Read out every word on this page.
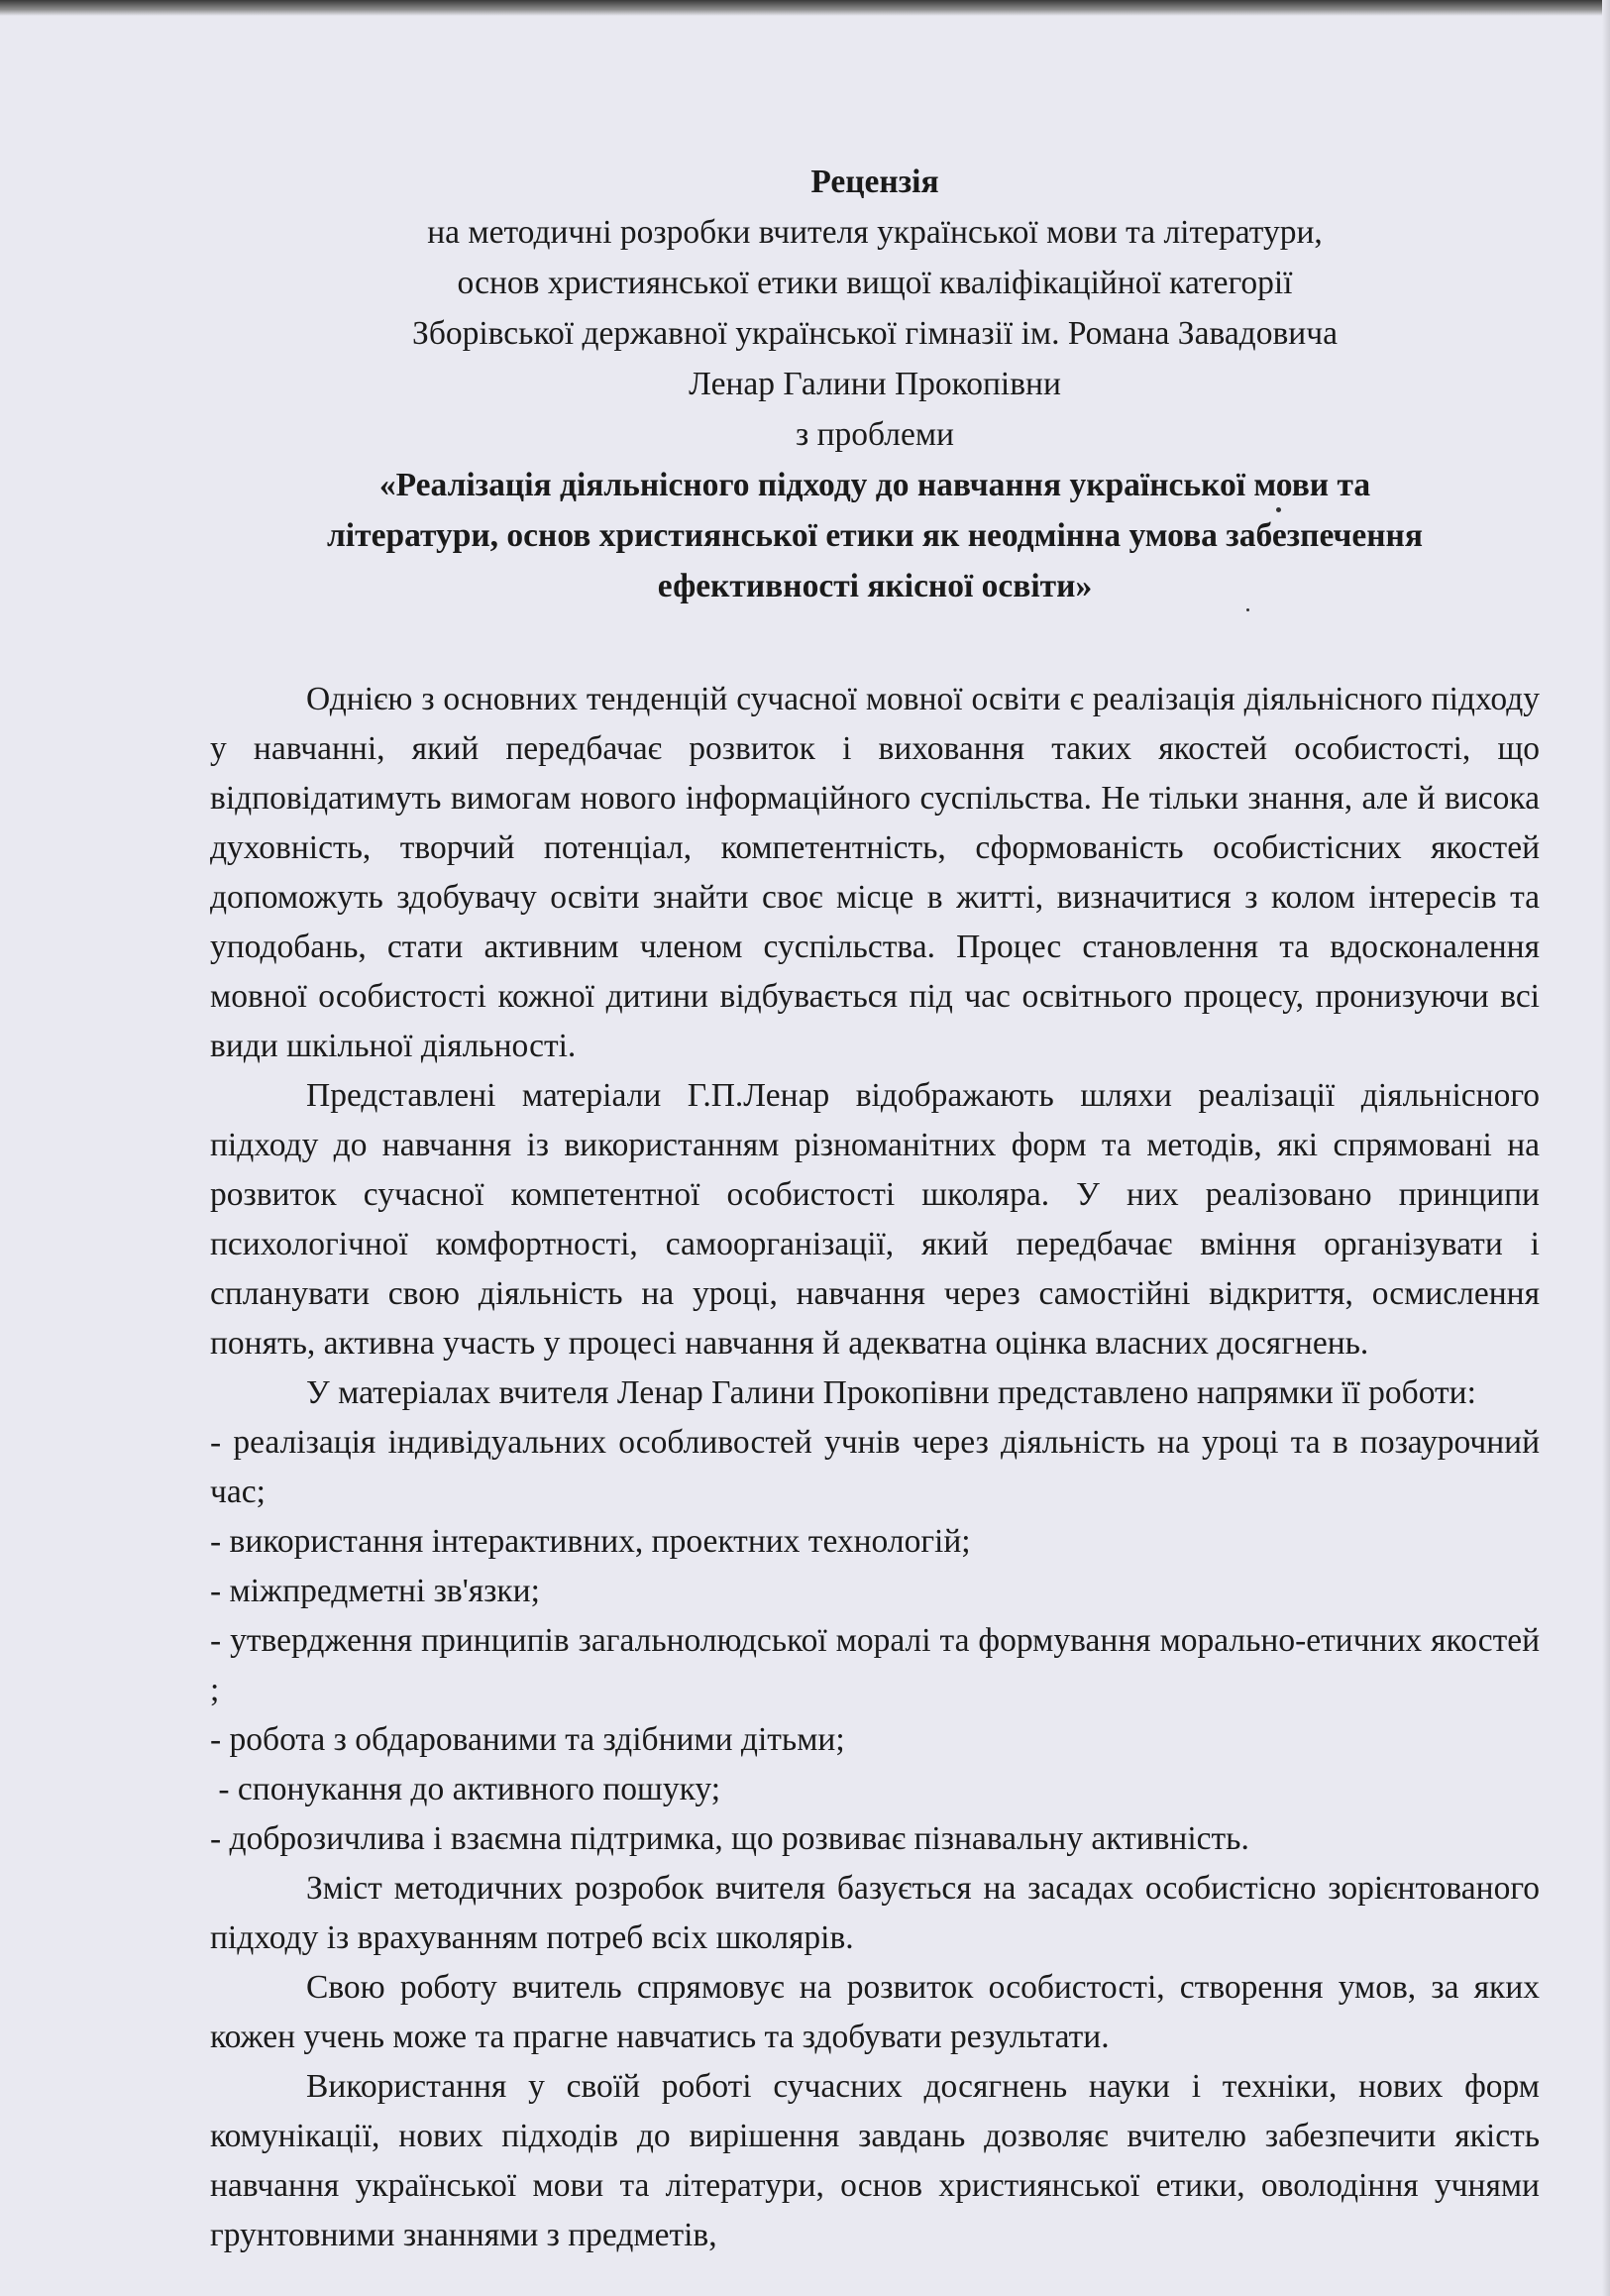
Рецензія
на методичні розробки вчителя української мови та літератури,
основ християнської етики вищої кваліфікаційної категорії
Зборівської державної української гімназії ім. Романа Завадовича
Ленар Галини Прокопівни
з проблеми
«Реалізація діяльнісного підходу до навчання української мови та
літератури, основ християнської етики як неодмінна умова забезпечення
ефективності якісної освіти»

Однією з основних тенденцій сучасної мовної освіти є реалізація діяльнісного підходу у навчанні, який передбачає розвиток і виховання таких якостей особистості, що відповідатимуть вимогам нового інформаційного суспільства. Не тільки знання, але й висока духовність, творчий потенціал, компетентність, сформованість особистісних якостей допоможуть здобувачу освіти знайти своє місце в житті, визначитися з колом інтересів та уподобань, стати активним членом суспільства. Процес становлення та вдосконалення мовної особистості кожної дитини відбувається під час освітнього процесу, пронизуючи всі види шкільної діяльності.

Представлені матеріали Г.П.Ленар відображають шляхи реалізації діяльнісного підходу до навчання із використанням різноманітних форм та методів, які спрямовані на розвиток сучасної компетентної особистості школяра. У них реалізовано принципи психологічної комфортності, самоорганізації, який передбачає вміння організувати і спланувати свою діяльність на уроці, навчання через самостійні відкриття, осмислення понять, активна участь у процесі навчання й адекватна оцінка власних досягнень.

У матеріалах вчителя Ленар Галини Прокопівни представлено напрямки її роботи:

- реалізація індивідуальних особливостей учнів через діяльність на уроці та в позаурочний час;
- використання інтерактивних, проектних технологій;
- міжпредметні зв'язки;
- утвердження принципів загальнолюдської моралі та формування морально-етичних якостей ;
- робота з обдарованими та здібними дітьми;
- спонукання до активного пошуку;
- доброзичлива і взаємна підтримка, що розвиває пізнавальну активність.

Зміст методичних розробок вчителя базується на засадах особистісно зорієнтованого підходу із врахуванням потреб всіх школярів.

Свою роботу вчитель спрямовує на розвиток особистості, створення умов, за яких кожен учень може та прагне навчатись та здобувати результати.

Використання у своїй роботі сучасних досягнень науки і техніки, нових форм комунікації, нових підходів до вирішення завдань дозволяє вчителю забезпечити якість навчання української мови та літератури, основ християнської етики, оволодіння учнями грунтовними знаннями з предметів,
